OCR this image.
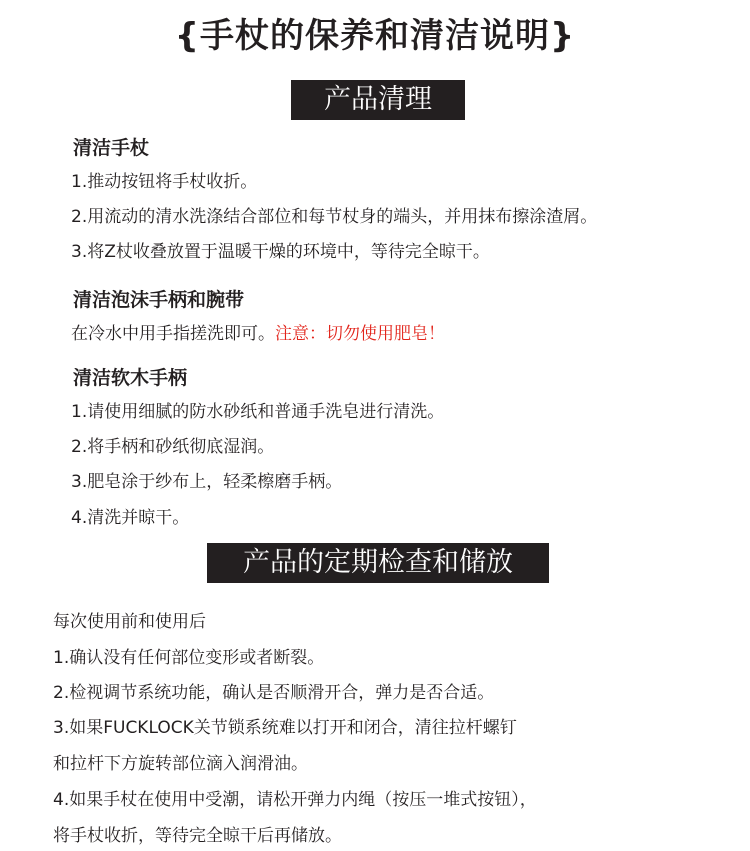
{手杖的保养和清洁说明}
产品清理
清洁手杖
1.推动按钮将手杖收折。
2.用流动的清水洗涤结合部位和每节杖身的端头，并用抹布擦涂渣屑。
3.将Z杖收叠放置于温暖干燥的环境中，等待完全晾干。
清洁泡沫手柄和腕带
在冷水中用手指搓洗即可。注意：切勿使用肥皂！
清洁软木手柄
1.请使用细腻的防水砂纸和普通手洗皂进行清洗。
2.将手柄和砂纸彻底湿润。
3.肥皂涂于纱布上，轻柔檫磨手柄。
4.清洗并晾干。
产品的定期检查和储放
每次使用前和使用后
1.确认没有任何部位变形或者断裂。
2.检视调节系统功能，确认是否顺滑开合，弹力是否合适。
3.如果FUCKLOCK关节锁系统难以打开和闭合，清往拉杆螺钉
和拉杆下方旋转部位滴入润滑油。
4.如果手杖在使用中受潮，请松开弹力内绳（按压一堆式按钮），
将手杖收折，等待完全晾干后再储放。
